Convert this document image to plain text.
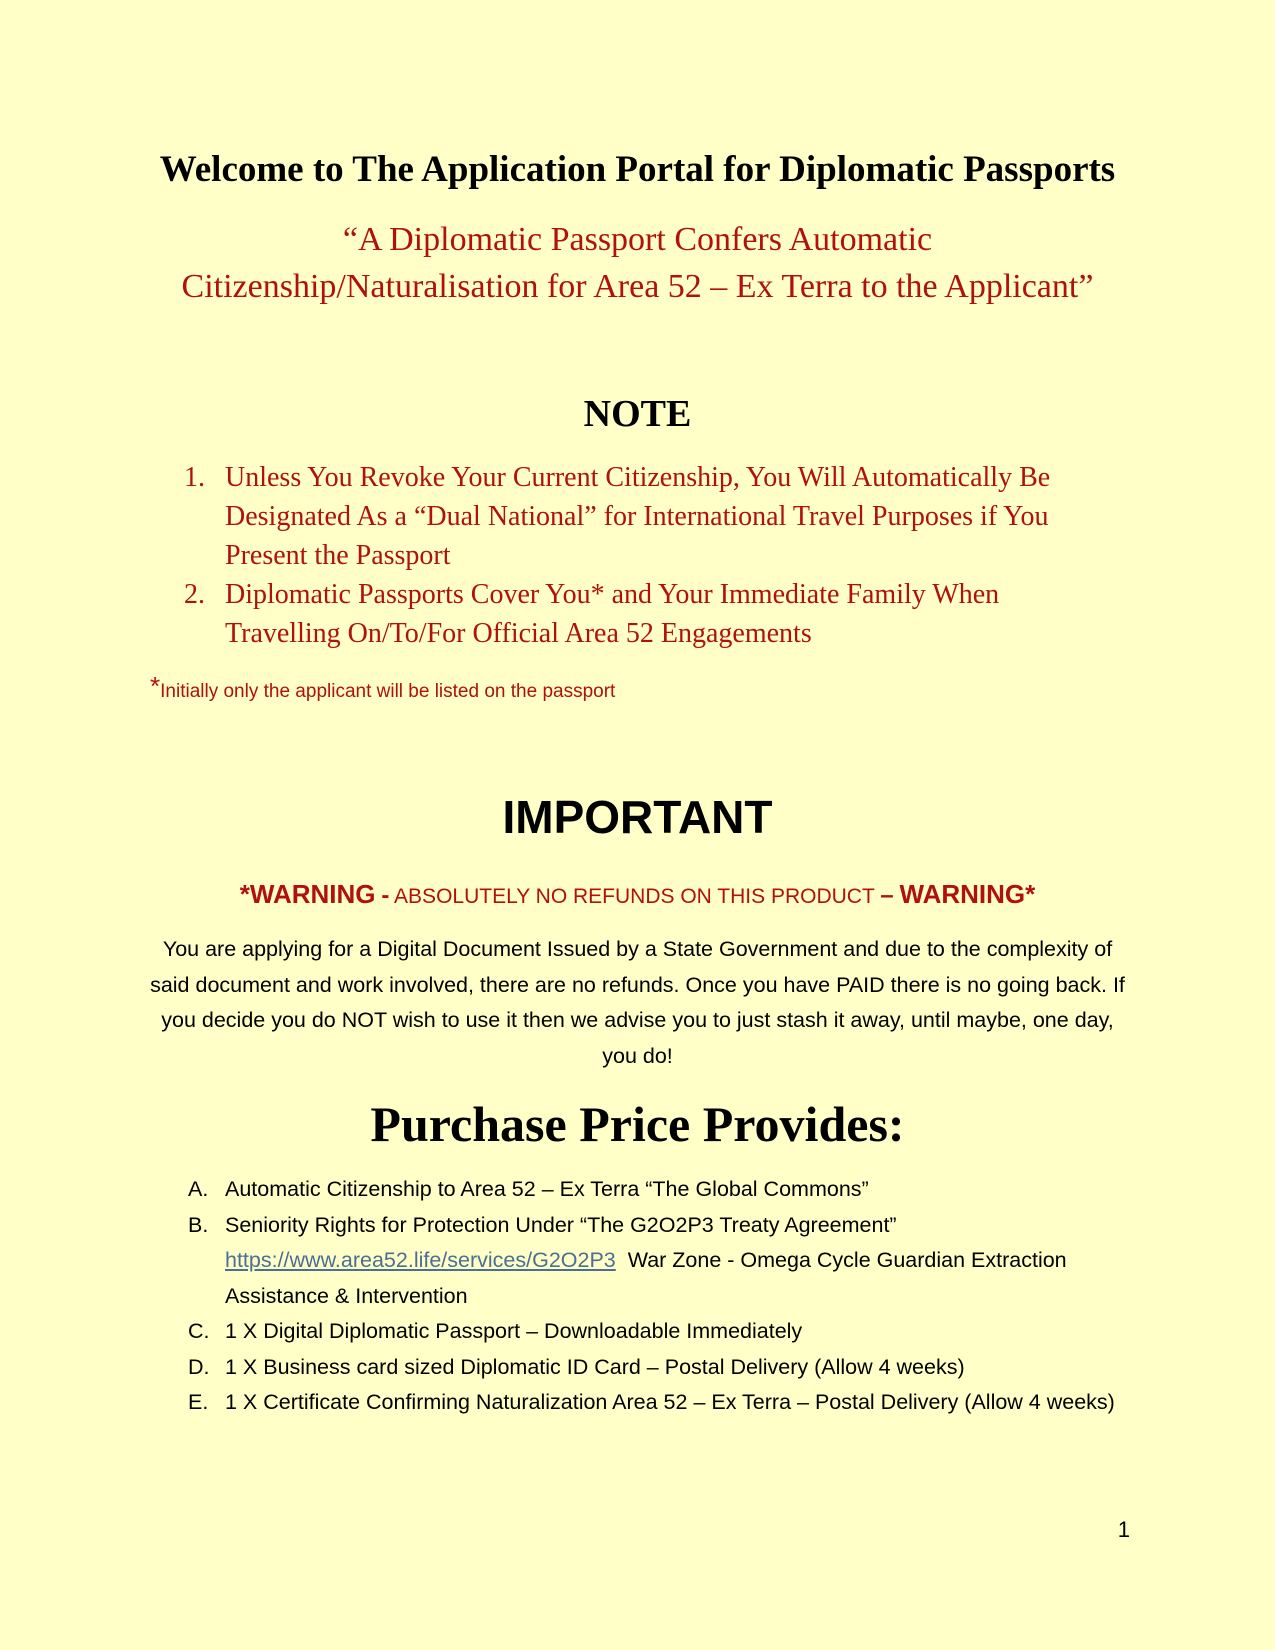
Welcome to The Application Portal for Diplomatic Passports
“A Diplomatic Passport Confers Automatic
Citizenship/Naturalisation for Area 52 – Ex Terra to the Applicant”
NOTE
1. Unless You Revoke Your Current Citizenship, You Will Automatically Be Designated As a “Dual National” for International Travel Purposes if You Present the Passport
2. Diplomatic Passports Cover You* and Your Immediate Family When Travelling On/To/For Official Area 52 Engagements

*Initially only the applicant will be listed on the passport

IMPORTANT

*WARNING - ABSOLUTELY NO REFUNDS ON THIS PRODUCT – WARNING*

You are applying for a Digital Document Issued by a State Government and due to the complexity of said document and work involved, there are no refunds. Once you have PAID there is no going back. If you decide you do NOT wish to use it then we advise you to just stash it away, until maybe, one day, you do!

Purchase Price Provides:
A. Automatic Citizenship to Area 52 – Ex Terra “The Global Commons”
B. Seniority Rights for Protection Under “The G2O2P3 Treaty Agreement”
https://www.area52.life/services/G2O2P3 War Zone - Omega Cycle Guardian Extraction Assistance & Intervention
C. 1 X Digital Diplomatic Passport – Downloadable Immediately
D. 1 X Business card sized Diplomatic ID Card – Postal Delivery (Allow 4 weeks)
E. 1 X Certificate Confirming Naturalization Area 52 – Ex Terra – Postal Delivery (Allow 4 weeks)

1
